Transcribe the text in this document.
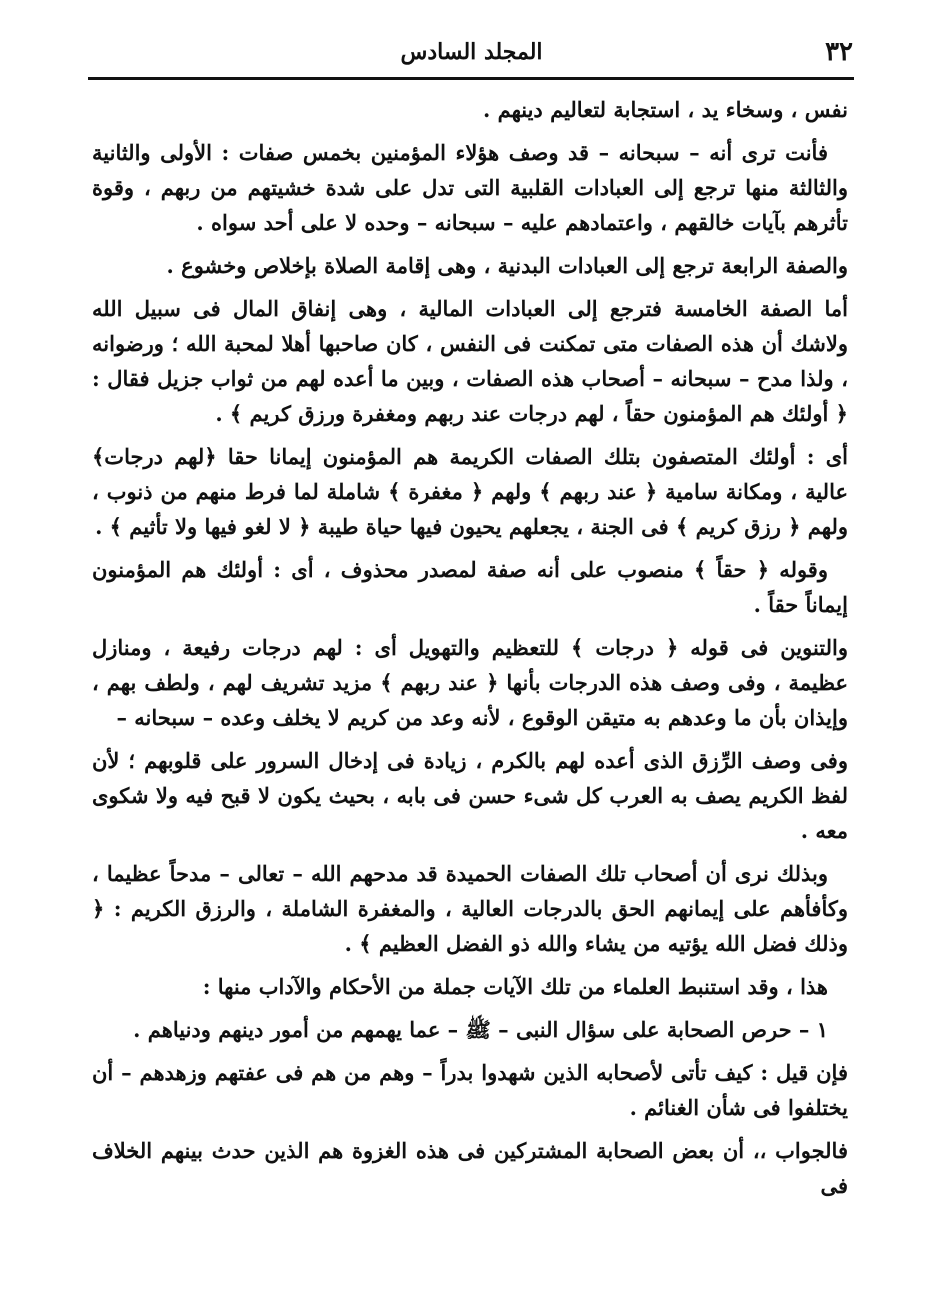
٣٢
المجلد السادس

نفس ، وسخاء يد ، استجابة لتعاليم دينهم .

فأنت ترى أنه – سبحانه – قد وصف هؤلاء المؤمنين بخمس صفات : الأولى والثانية والثالثة منها ترجع إلى العبادات القلبية التى تدل على شدة خشيتهم من ربهم ، وقوة تأثرهم بآيات خالقهم ، واعتمادهم عليه – سبحانه – وحده لا على أحد سواه .

والصفة الرابعة ترجع إلى العبادات البدنية ، وهى إقامة الصلاة بإخلاص وخشوع .

أما الصفة الخامسة فترجع إلى العبادات المالية ، وهى إنفاق المال فى سبيل الله ولاشك أن هذه الصفات متى تمكنت فى النفس ، كان صاحبها أهلا لمحبة الله ؛ ورضوانه ، ولذا مدح – سبحانه – أصحاب هذه الصفات ، وبين ما أعده لهم من ثواب جزيل فقال : ﴿ أولئك هم المؤمنون حقاً ، لهم درجات عند ربهم ومغفرة ورزق كريم ﴾ .

أى : أولئك المتصفون بتلك الصفات الكريمة هم المؤمنون إيمانا حقا ﴿لهم درجات﴾ عالية ، ومكانة سامية ﴿ عند ربهم ﴾ ولهم ﴿ مغفرة ﴾ شاملة لما فرط منهم من ذنوب ، ولهم ﴿ رزق كريم ﴾ فى الجنة ، يجعلهم يحيون فيها حياة طيبة ﴿ لا لغو فيها ولا تأثيم ﴾ .

وقوله ﴿ حقاً ﴾ منصوب على أنه صفة لمصدر محذوف ، أى : أولئك هم المؤمنون إيماناً حقاً .

والتنوين فى قوله ﴿ درجات ﴾ للتعظيم والتهويل أى : لهم درجات رفيعة ، ومنازل عظيمة ، وفى وصف هذه الدرجات بأنها ﴿ عند ربهم ﴾ مزيد تشريف لهم ، ولطف بهم ، وإيذان بأن ما وعدهم به متيقن الوقوع ، لأنه وعد من كريم لا يخلف وعده – سبحانه –

وفى وصف الرِّزق الذى أعده لهم بالكرم ، زيادة فى إدخال السرور على قلوبهم ؛ لأن لفظ الكريم يصف به العرب كل شىء حسن فى بابه ، بحيث يكون لا قبح فيه ولا شكوى معه .

وبذلك نرى أن أصحاب تلك الصفات الحميدة قد مدحهم الله – تعالى – مدحاً عظيما ، وكأفأهم على إيمانهم الحق بالدرجات العالية ، والمغفرة الشاملة ، والرزق الكريم : ﴿ وذلك فضل الله يؤتيه من يشاء والله ذو الفضل العظيم ﴾ .

هذا ، وقد استنبط العلماء من تلك الآيات جملة من الأحكام والآداب منها :

١ – حرص الصحابة على سؤال النبى – ﷺ – عما يهمهم من أمور دينهم ودنياهم .

فإن قيل : كيف تأتى لأصحابه الذين شهدوا بدراً – وهم من هم فى عفتهم وزهدهم – أن يختلفوا فى شأن الغنائم .

فالجواب ،، أن بعض الصحابة المشتركين فى هذه الغزوة هم الذين حدث بينهم الخلاف فى
